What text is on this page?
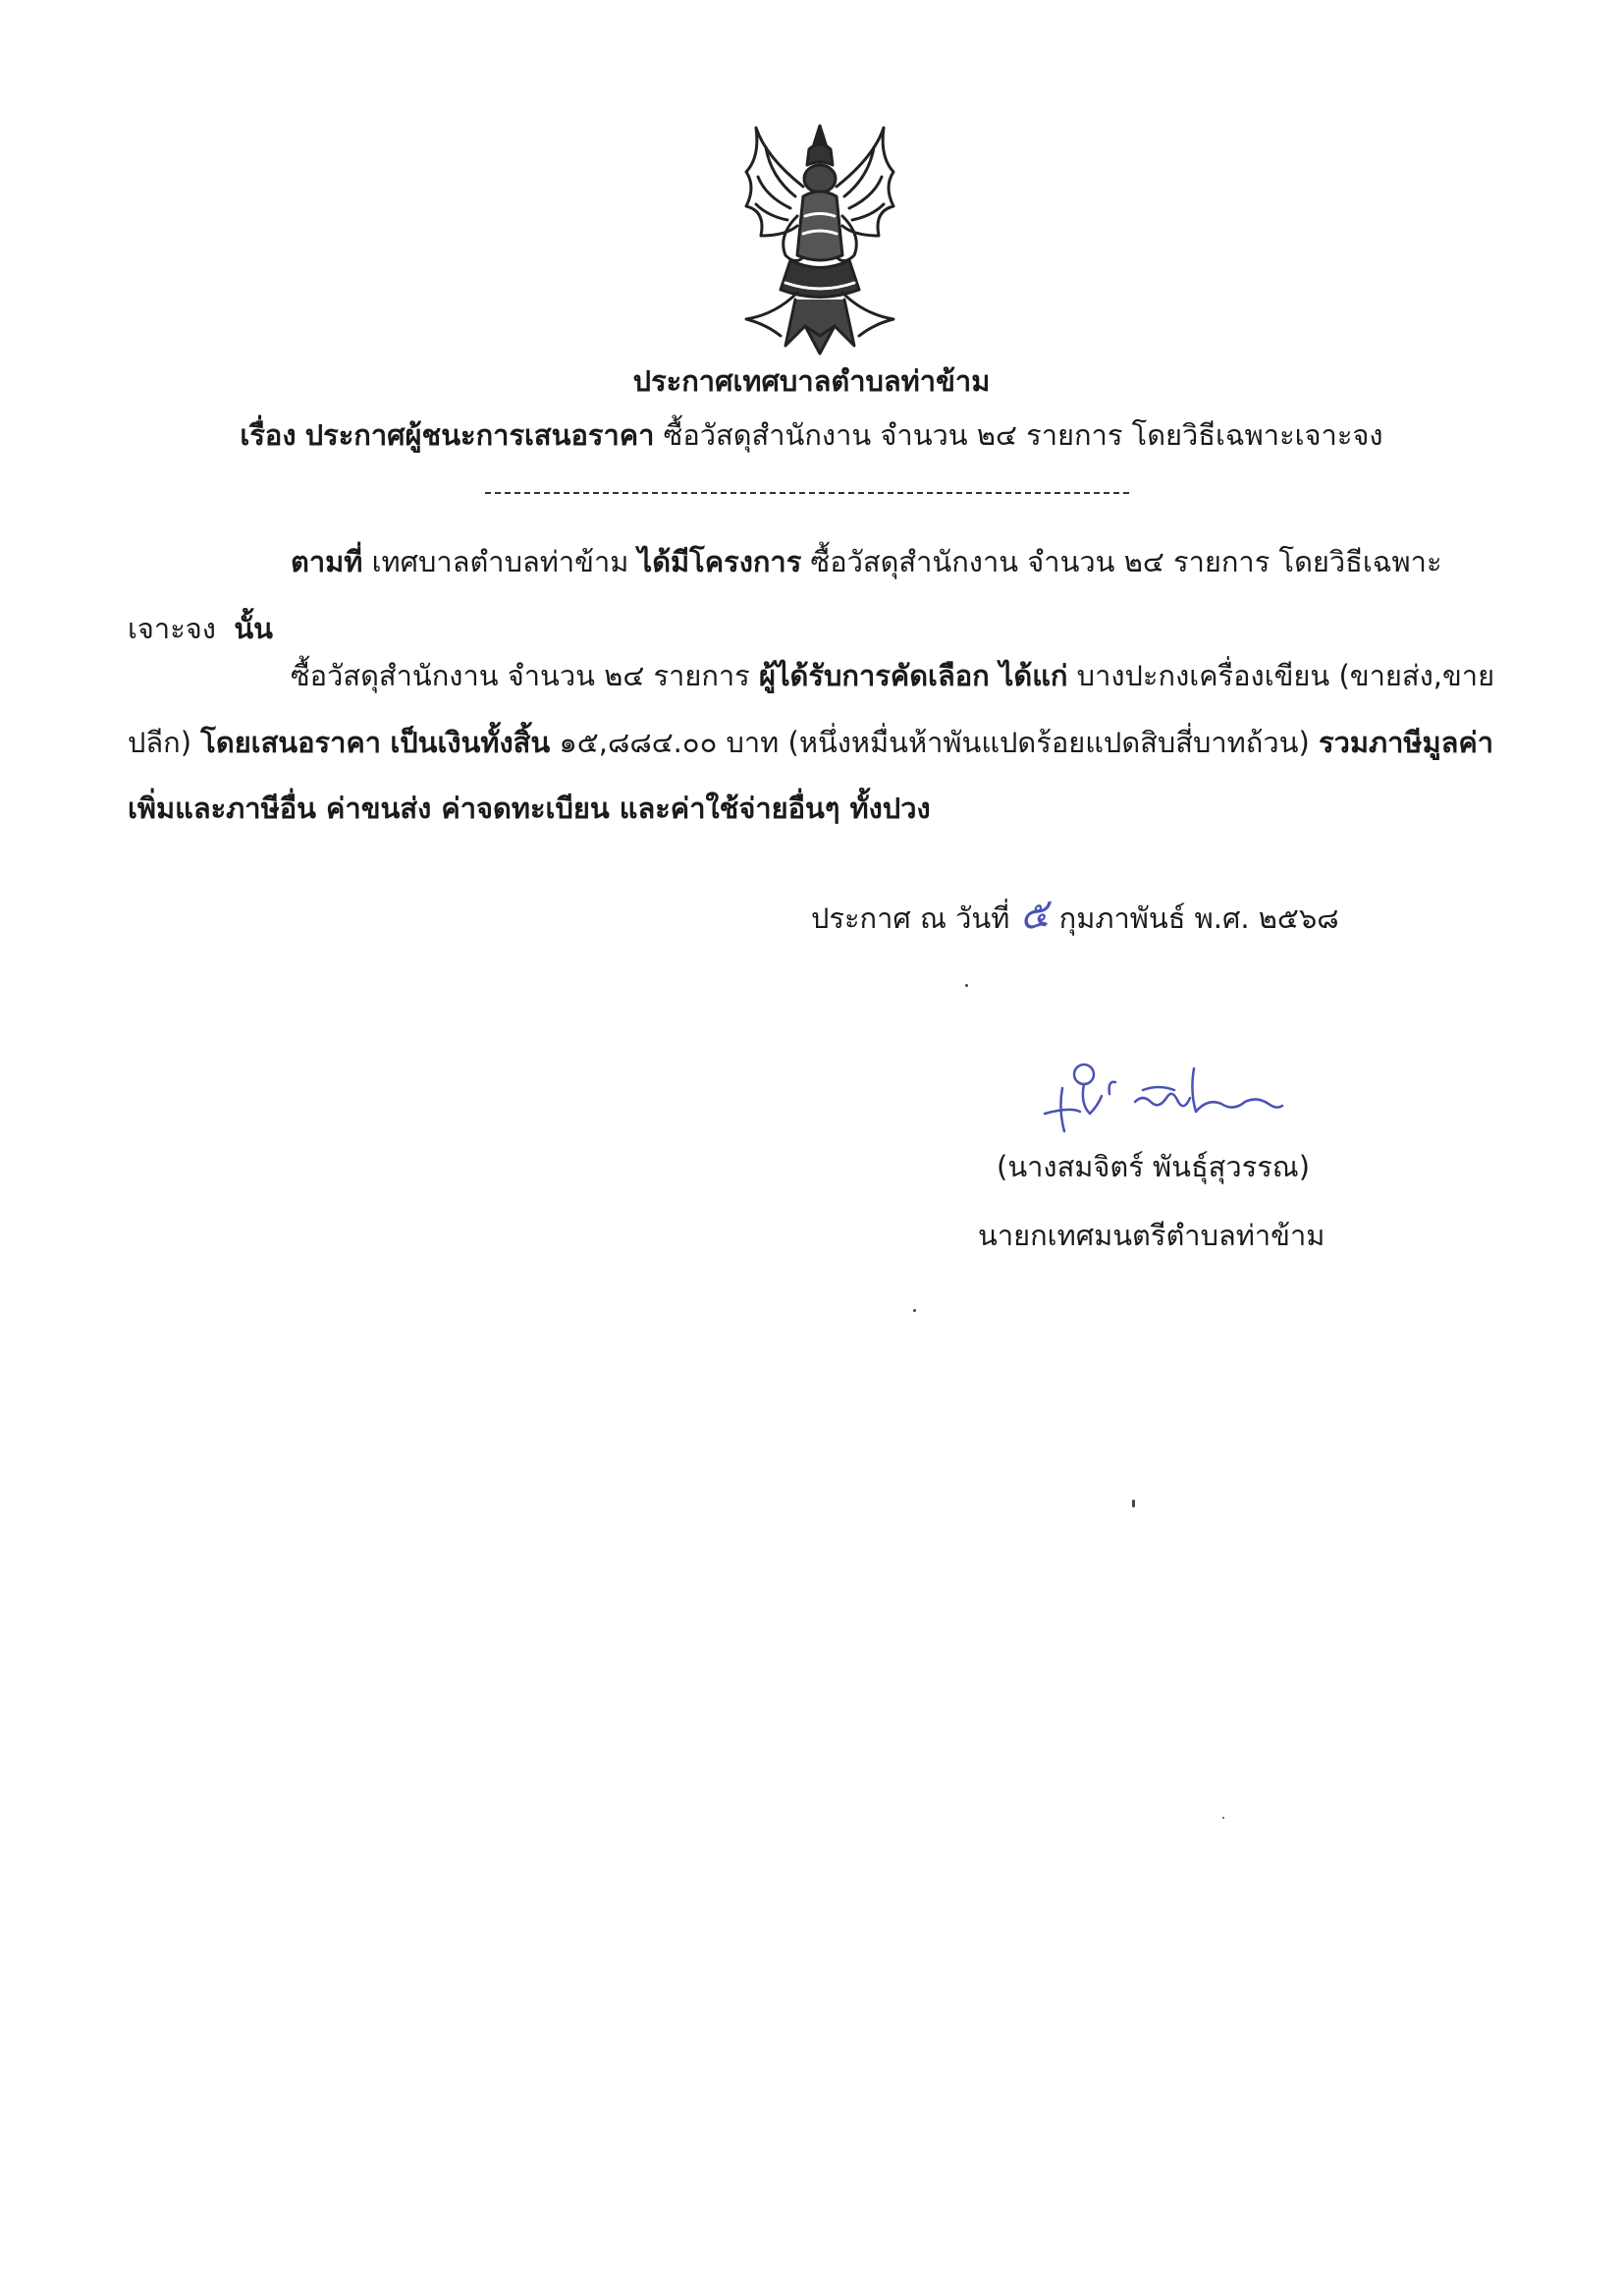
ประกาศเทศบาลตำบลท่าข้าม
เรื่อง ประกาศผู้ชนะการเสนอราคา ซื้อวัสดุสำนักงาน จำนวน ๒๔ รายการ โดยวิธีเฉพาะเจาะจง
ตามที่ เทศบาลตำบลท่าข้าม ได้มีโครงการ ซื้อวัสดุสำนักงาน จำนวน ๒๔ รายการ โดยวิธีเฉพาะ
เจาะจง นั้น
ซื้อวัสดุสำนักงาน จำนวน ๒๔ รายการ ผู้ได้รับการคัดเลือก ได้แก่ บางปะกงเครื่องเขียน (ขายส่ง,ขาย
ปลีก) โดยเสนอราคา เป็นเงินทั้งสิ้น ๑๕,๘๘๔.๐๐ บาท (หนึ่งหมื่นห้าพันแปดร้อยแปดสิบสี่บาทถ้วน) รวมภาษีมูลค่า
เพิ่มและภาษีอื่น ค่าขนส่ง ค่าจดทะเบียน และค่าใช้จ่ายอื่นๆ ทั้งปวง
ประกาศ ณ วันที่ ๕ กุมภาพันธ์ พ.ศ. ๒๕๖๘
(นางสมจิตร์ พันธุ์สุวรรณ)
นายกเทศมนตรีตำบลท่าข้าม
